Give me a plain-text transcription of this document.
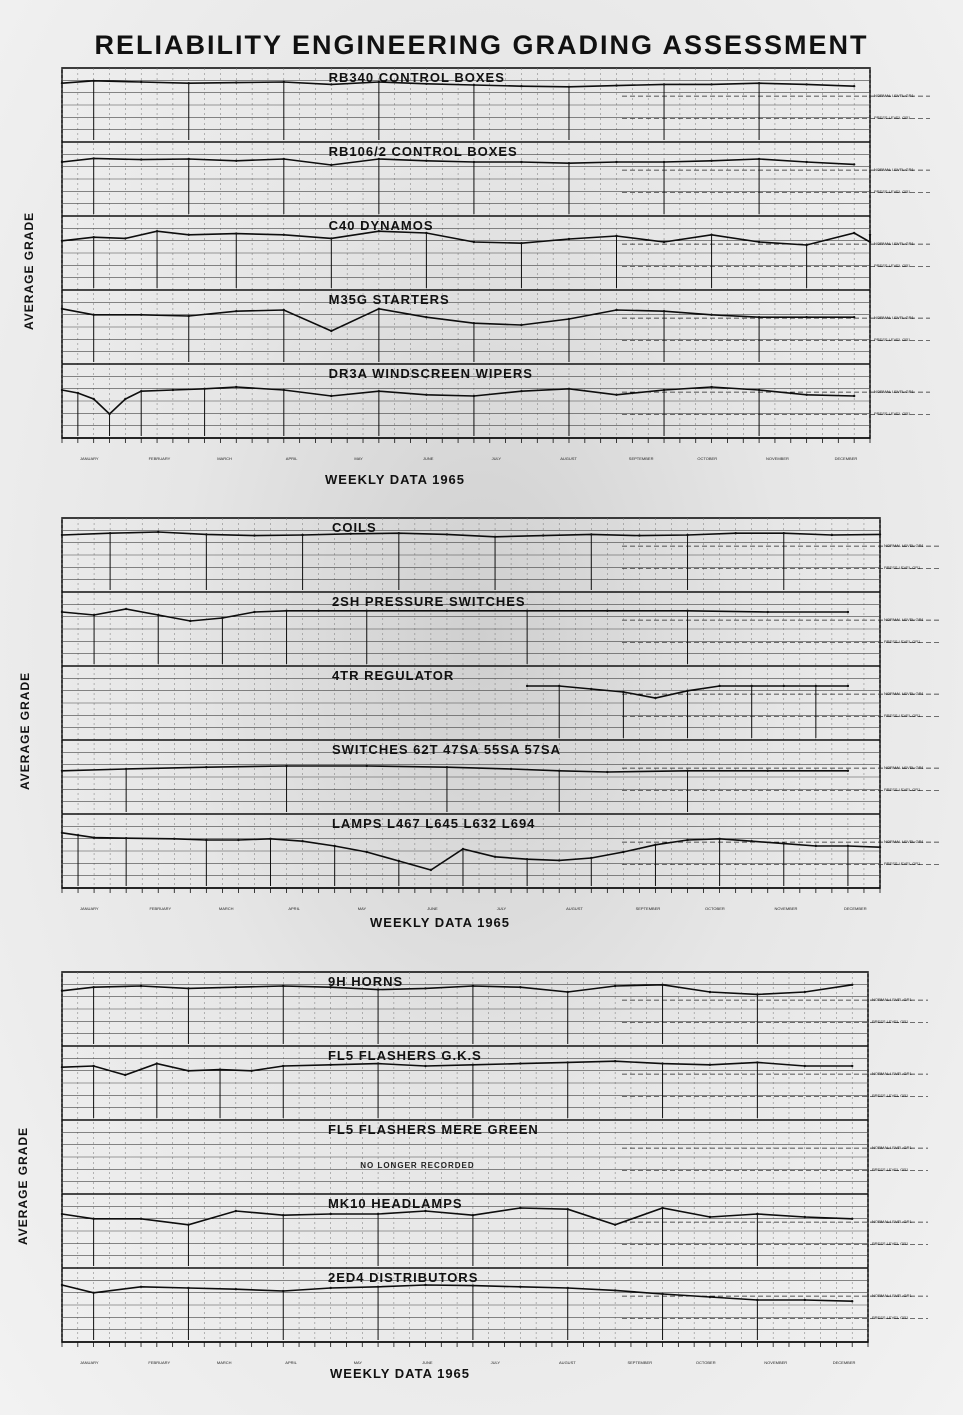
JANUARY	FEBRUARY	MARCH	APRIL	MAY	JUNE	JULY	AUGUST	SEPTEMBER	OCTOBER	NOVEMBER	DECEMBER
JANUARY	FEBRUARY	MARCH	APRIL	MAY	JUNE	JULY	AUGUST	SEPTEMBER	OCTOBER	NOVEMBER	DECEMBER
JANUARY	FEBRUARY	MARCH	APRIL	MAY	JUNE	JULY	AUGUST	SEPTEMBER	OCTOBER	NOVEMBER	DECEMBER
RELIABILITY ENGINEERING GRADING ASSESSMENT
NORMAL LEVEL GR1
PRESS LEVEL GR1
RB340 CONTROL BOXES
NORMAL LEVEL GR1
PRESS LEVEL GR1
RB106/2 CONTROL BOXES
NORMAL LEVEL GR1
PRESS LEVEL GR1
C40 DYNAMOS
NORMAL LEVEL GR1
PRESS LEVEL GR1
M35G STARTERS
NORMAL LEVEL GR1
PRESS LEVEL GR1
DR3A WINDSCREEN WIPERS
AVERAGE GRADE
WEEKLY DATA 1965
NORMAL LEVEL GR1
PRESS LEVEL GR1
COILS
NORMAL LEVEL GR1
PRESS LEVEL GR1
2SH PRESSURE SWITCHES
NORMAL LEVEL GR1
PRESS LEVEL GR1
4TR REGULATOR
NORMAL LEVEL GR1
PRESS LEVEL GR1
SWITCHES 62T 47SA 55SA 57SA
NORMAL LEVEL GR1
PRESS LEVEL GR1
LAMPS L467 L645 L632 L694
AVERAGE GRADE
WEEKLY DATA 1965
NORMAL LEVEL GR1
PRESS LEVEL GR1
9H HORNS
NORMAL LEVEL GR1
PRESS LEVEL GR1
FL5 FLASHERS G.K.S
NORMAL LEVEL GR1
PRESS LEVEL GR1
FL5 FLASHERS MERE GREEN
NO LONGER RECORDED
NORMAL LEVEL GR1
PRESS LEVEL GR1
MK10 HEADLAMPS
NORMAL LEVEL GR1
PRESS LEVEL GR1
2ED4 DISTRIBUTORS
AVERAGE GRADE
WEEKLY DATA 1965
